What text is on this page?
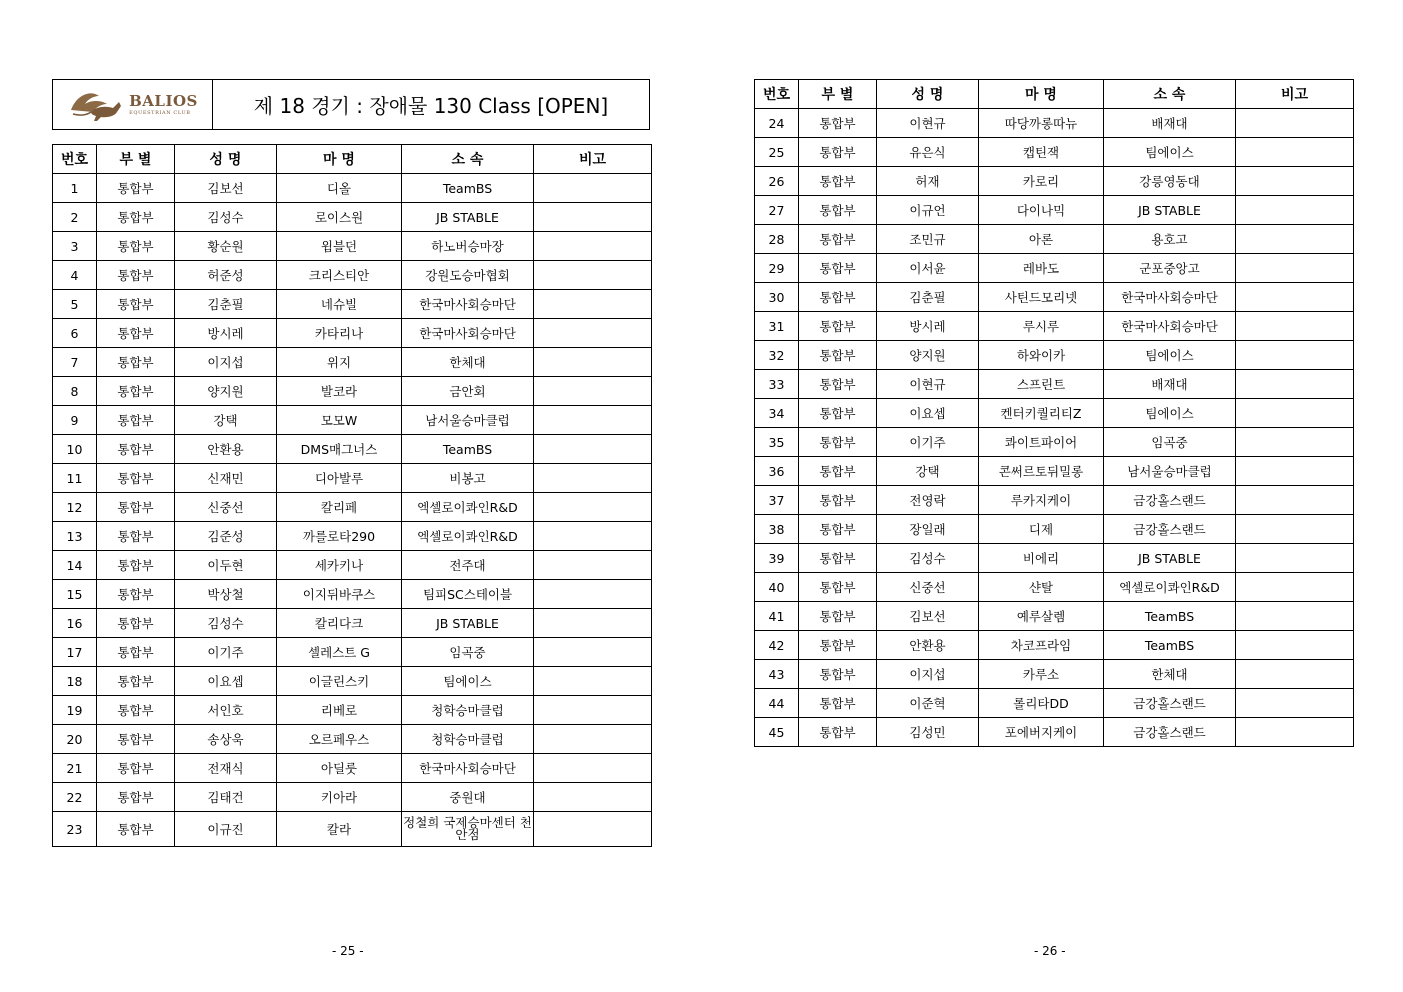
BALIOS
EQUESTRIAN CLUB	제 18 경기 : 장애물 130 Class [OPEN]
번호	부 별	성 명	마 명	소 속	비고
1	통합부	김보선	디올	TeamBS	
2	통합부	김성수	로이스원	JB STABLE	
3	통합부	황순원	윔블던	하노버승마장	
4	통합부	허준성	크리스티안	강원도승마협회	
5	통합부	김춘필	네슈빌	한국마사회승마단	
6	통합부	방시레	카타리나	한국마사회승마단	
7	통합부	이지섭	위지	한체대	
8	통합부	양지원	발코라	금안회	
9	통합부	강택	모모W	남서울승마클럽	
10	통합부	안환용	DMS매그너스	TeamBS	
11	통합부	신재민	디아발루	비봉고	
12	통합부	신중선	칼리페	엑셀로이콰인R&D	
13	통합부	김준성	까를로타290	엑셀로이콰인R&D	
14	통합부	이두현	세카키나	전주대	
15	통합부	박상철	이지뒤바쿠스	팀피SC스테이블	
16	통합부	김성수	칼리다크	JB STABLE	
17	통합부	이기주	셀레스트 G	임곡중	
18	통합부	이요셉	이글린스키	팀에이스	
19	통합부	서인호	리베로	청학승마클럽	
20	통합부	송상욱	오르페우스	청학승마클럽	
21	통합부	전재식	아딜룻	한국마사회승마단	
22	통합부	김태건	키아라	중원대	
23	통합부	이규진	칼라	정철희 국제승마센터 천안점	
번호	부 별	성 명	마 명	소 속	비고
24	통합부	이현규	따당까롱따뉴	배재대	
25	통합부	유은식	캡틴잭	팀에이스	
26	통합부	허재	카로리	강릉영동대	
27	통합부	이규언	다이나믹	JB STABLE	
28	통합부	조민규	아론	용호고	
29	통합부	이서윤	레바도	군포중앙고	
30	통합부	김춘필	사틴드모리넷	한국마사회승마단	
31	통합부	방시레	루시루	한국마사회승마단	
32	통합부	양지원	하와이카	팀에이스	
33	통합부	이현규	스프린트	배재대	
34	통합부	이요셉	켄터키퀄리티Z	팀에이스	
35	통합부	이기주	콰이트파이어	임곡중	
36	통합부	강택	콘써르토뒤밀롱	남서울승마클럽	
37	통합부	전영락	루카지케이	금강홀스랜드	
38	통합부	장일래	디제	금강홀스랜드	
39	통합부	김성수	비에리	JB STABLE	
40	통합부	신중선	샨탈	엑셀로이콰인R&D	
41	통합부	김보선	예루살렘	TeamBS	
42	통합부	안환용	차코프라임	TeamBS	
43	통합부	이지섭	카루소	한체대	
44	통합부	이준혁	롤리타DD	금강홀스랜드	
45	통합부	김성민	포에버지케이	금강홀스랜드	
- 25 -	- 26 -
